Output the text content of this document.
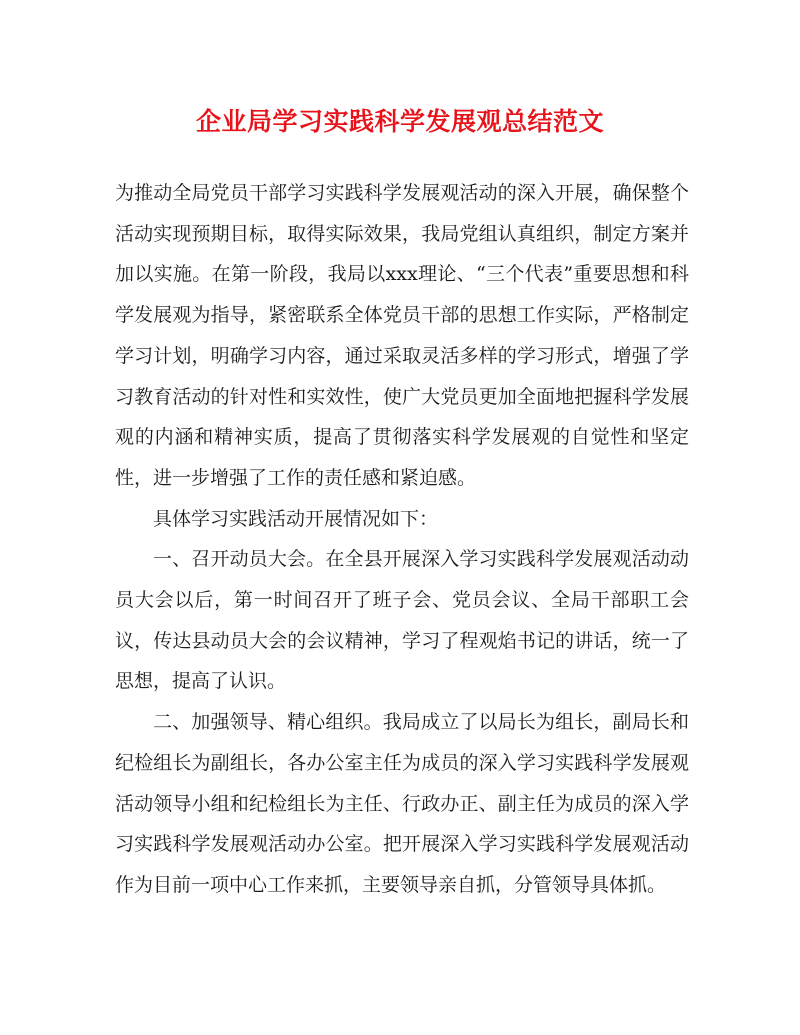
企业局学习实践科学发展观总结范文

为推动全局党员干部学习实践科学发展观活动的深入开展，确保整个活动实现预期目标，取得实际效果，我局党组认真组织，制定方案并加以实施。在第一阶段，我局以xxx理论、“三个代表”重要思想和科学发展观为指导，紧密联系全体党员干部的思想工作实际，严格制定学习计划，明确学习内容，通过采取灵活多样的学习形式，增强了学习教育活动的针对性和实效性，使广大党员更加全面地把握科学发展观的内涵和精神实质，提高了贯彻落实科学发展观的自觉性和坚定性，进一步增强了工作的责任感和紧迫感。

具体学习实践活动开展情况如下：

一、召开动员大会。在全县开展深入学习实践科学发展观活动动员大会以后，第一时间召开了班子会、党员会议、全局干部职工会议，传达县动员大会的会议精神，学习了程观焰书记的讲话，统一了思想，提高了认识。

二、加强领导、精心组织。我局成立了以局长为组长，副局长和纪检组长为副组长，各办公室主任为成员的深入学习实践科学发展观活动领导小组和纪检组长为主任、行政办正、副主任为成员的深入学习实践科学发展观活动办公室。把开展深入学习实践科学发展观活动作为目前一项中心工作来抓，主要领导亲自抓，分管领导具体抓。
